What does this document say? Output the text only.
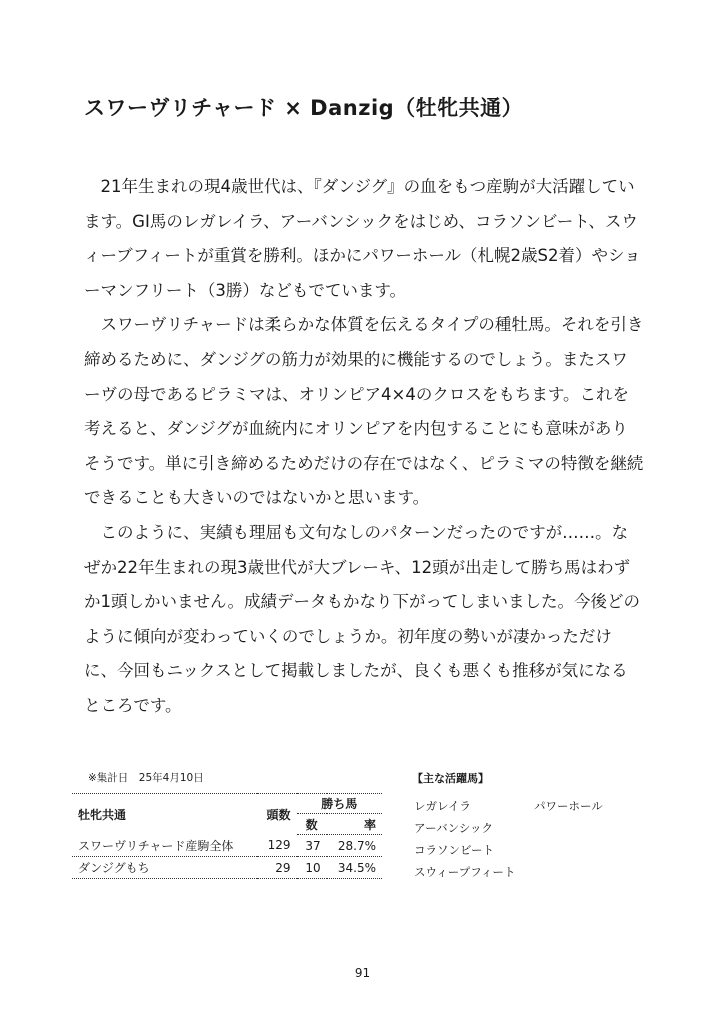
スワーヴリチャード × Danzig（牡牝共通）

21年生まれの現4歳世代は、『ダンジグ』の血をもつ産駒が大活躍しています。GⅠ馬のレガレイラ、アーバンシックをはじめ、コラソンビート、スウィーブフィートが重賞を勝利。ほかにパワーホール（札幌2歳S2着）やショーマンフリート（3勝）などもでています。

スワーヴリチャードは柔らかな体質を伝えるタイプの種牡馬。それを引き締めるために、ダンジグの筋力が効果的に機能するのでしょう。またスワーヴの母であるピラミマは、オリンピア4×4のクロスをもちます。これを考えると、ダンジグが血統内にオリンピアを内包することにも意味がありそうです。単に引き締めるためだけの存在ではなく、ピラミマの特徴を継続できることも大きいのではないかと思います。

このように、実績も理屈も文句なしのパターンだったのですが……。なぜか22年生まれの現3歳世代が大ブレーキ、12頭が出走して勝ち馬はわずか1頭しかいません。成績データもかなり下がってしまいました。今後どのように傾向が変わっていくのでしょうか。初年度の勢いが凄かっただけに、今回もニックスとして掲載しましたが、良くも悪くも推移が気になるところです。

※集計日　25年4月10日
牡牝共通	頭数	勝ち馬	
		数	率
スワーヴリチャード産駒全体	129	37	28.7%
ダンジグもち	29	10	34.5%
【主な活躍馬】
レガレイラ
アーバンシック
コラソンビート
スウィープフィート
パワーホール
91
